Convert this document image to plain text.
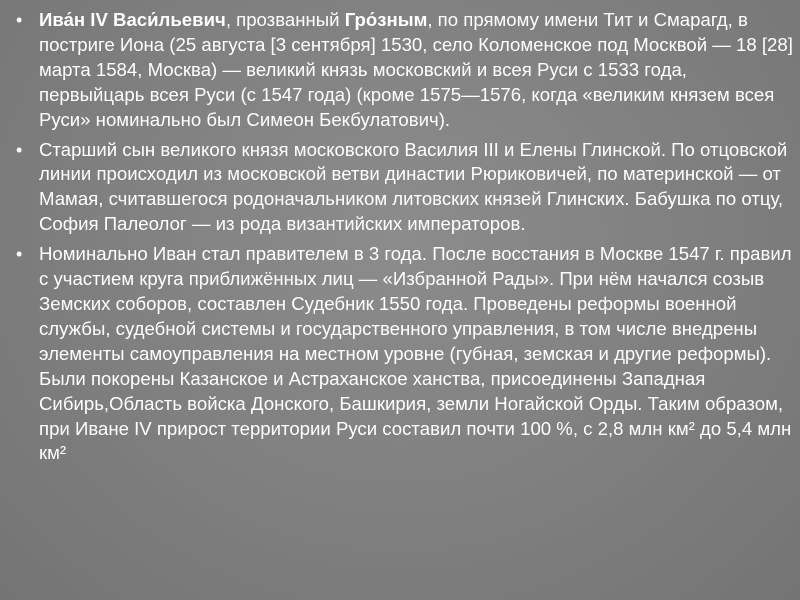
• Ива́н IV Васи́льевич, прозванный Гро́зным, по прямому имени Тит и Смарагд, в постриге Иона (25 августа [3 сентября] 1530, село Коломенское под Москвой — 18 [28] марта 1584, Москва) — великий князь московский и всея Руси с 1533 года, первыйцарь всея Руси (с 1547 года) (кроме 1575—1576, когда «великим князем всея Руси» номинально был Симеон Бекбулатович).
• Старший сын великого князя московского Василия III и Елены Глинской. По отцовской линии происходил из московской ветви династии Рюриковичей, по материнской — от Мамая, считавшегося родоначальником литовских князей Глинских. Бабушка по отцу, София Палеолог — из рода византийских императоров.
• Номинально Иван стал правителем в 3 года. После восстания в Москве 1547 г. правил с участием круга приближённых лиц — «Избранной Рады». При нём начался созыв Земских соборов, составлен Судебник 1550 года. Проведены реформы военной службы, судебной системы и государственного управления, в том числе внедрены элементы самоуправления на местном уровне (губная, земская и другие реформы). Были покорены Казанское и Астраханское ханства, присоединены Западная Сибирь,Область войска Донского, Башкирия, земли Ногайской Орды. Таким образом, при Иване IV прирост территории Руси составил почти 100 %, с 2,8 млн км² до 5,4 млн км²
